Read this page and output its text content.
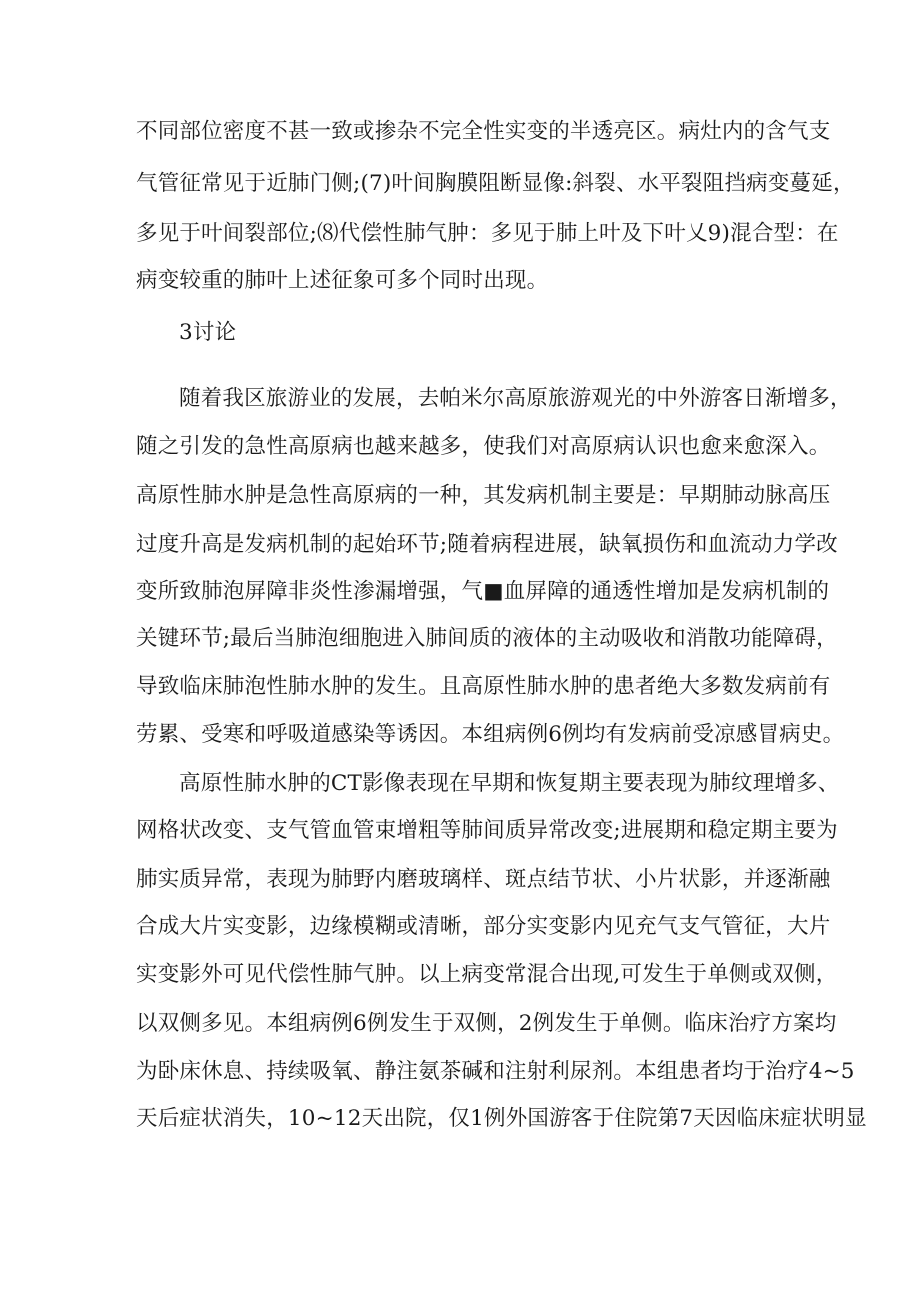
不同部位密度不甚一致或掺杂不完全性实变的半透亮区。病灶内的含气支
气管征常见于近肺门侧;(7)叶间胸膜阻断显像:斜裂、水平裂阻挡病变蔓延，
多见于叶间裂部位;⑻代偿性肺气肿：多见于肺上叶及下叶乂9)混合型：在
病变较重的肺叶上述征象可多个同时出现。
3讨论
随着我区旅游业的发展，去帕米尔高原旅游观光的中外游客日渐增多，
随之引发的急性高原病也越来越多，使我们对高原病认识也愈来愈深入。
高原性肺水肿是急性高原病的一种，其发病机制主要是：早期肺动脉高压
过度升高是发病机制的起始环节;随着病程进展，缺氧损伤和血流动力学改
变所致肺泡屏障非炎性渗漏增强，气■血屏障的通透性增加是发病机制的
关键环节;最后当肺泡细胞进入肺间质的液体的主动吸收和消散功能障碍，
导致临床肺泡性肺水肿的发生。且高原性肺水肿的患者绝大多数发病前有
劳累、受寒和呼吸道感染等诱因。本组病例6例均有发病前受凉感冒病史。
高原性肺水肿的CT影像表现在早期和恢复期主要表现为肺纹理增多、
网格状改变、支气管血管束增粗等肺间质异常改变;进展期和稳定期主要为
肺实质异常，表现为肺野内磨玻璃样、斑点结节状、小片状影，并逐渐融
合成大片实变影，边缘模糊或清晰，部分实变影内见充气支气管征，大片
实变影外可见代偿性肺气肿。以上病变常混合出现,可发生于单侧或双侧，
以双侧多见。本组病例6例发生于双侧，2例发生于单侧。临床治疗方案均
为卧床休息、持续吸氧、静注氨茶碱和注射利尿剂。本组患者均于治疗4~5
天后症状消失，10~12天出院，仅1例外国游客于住院第7天因临床症状明显
